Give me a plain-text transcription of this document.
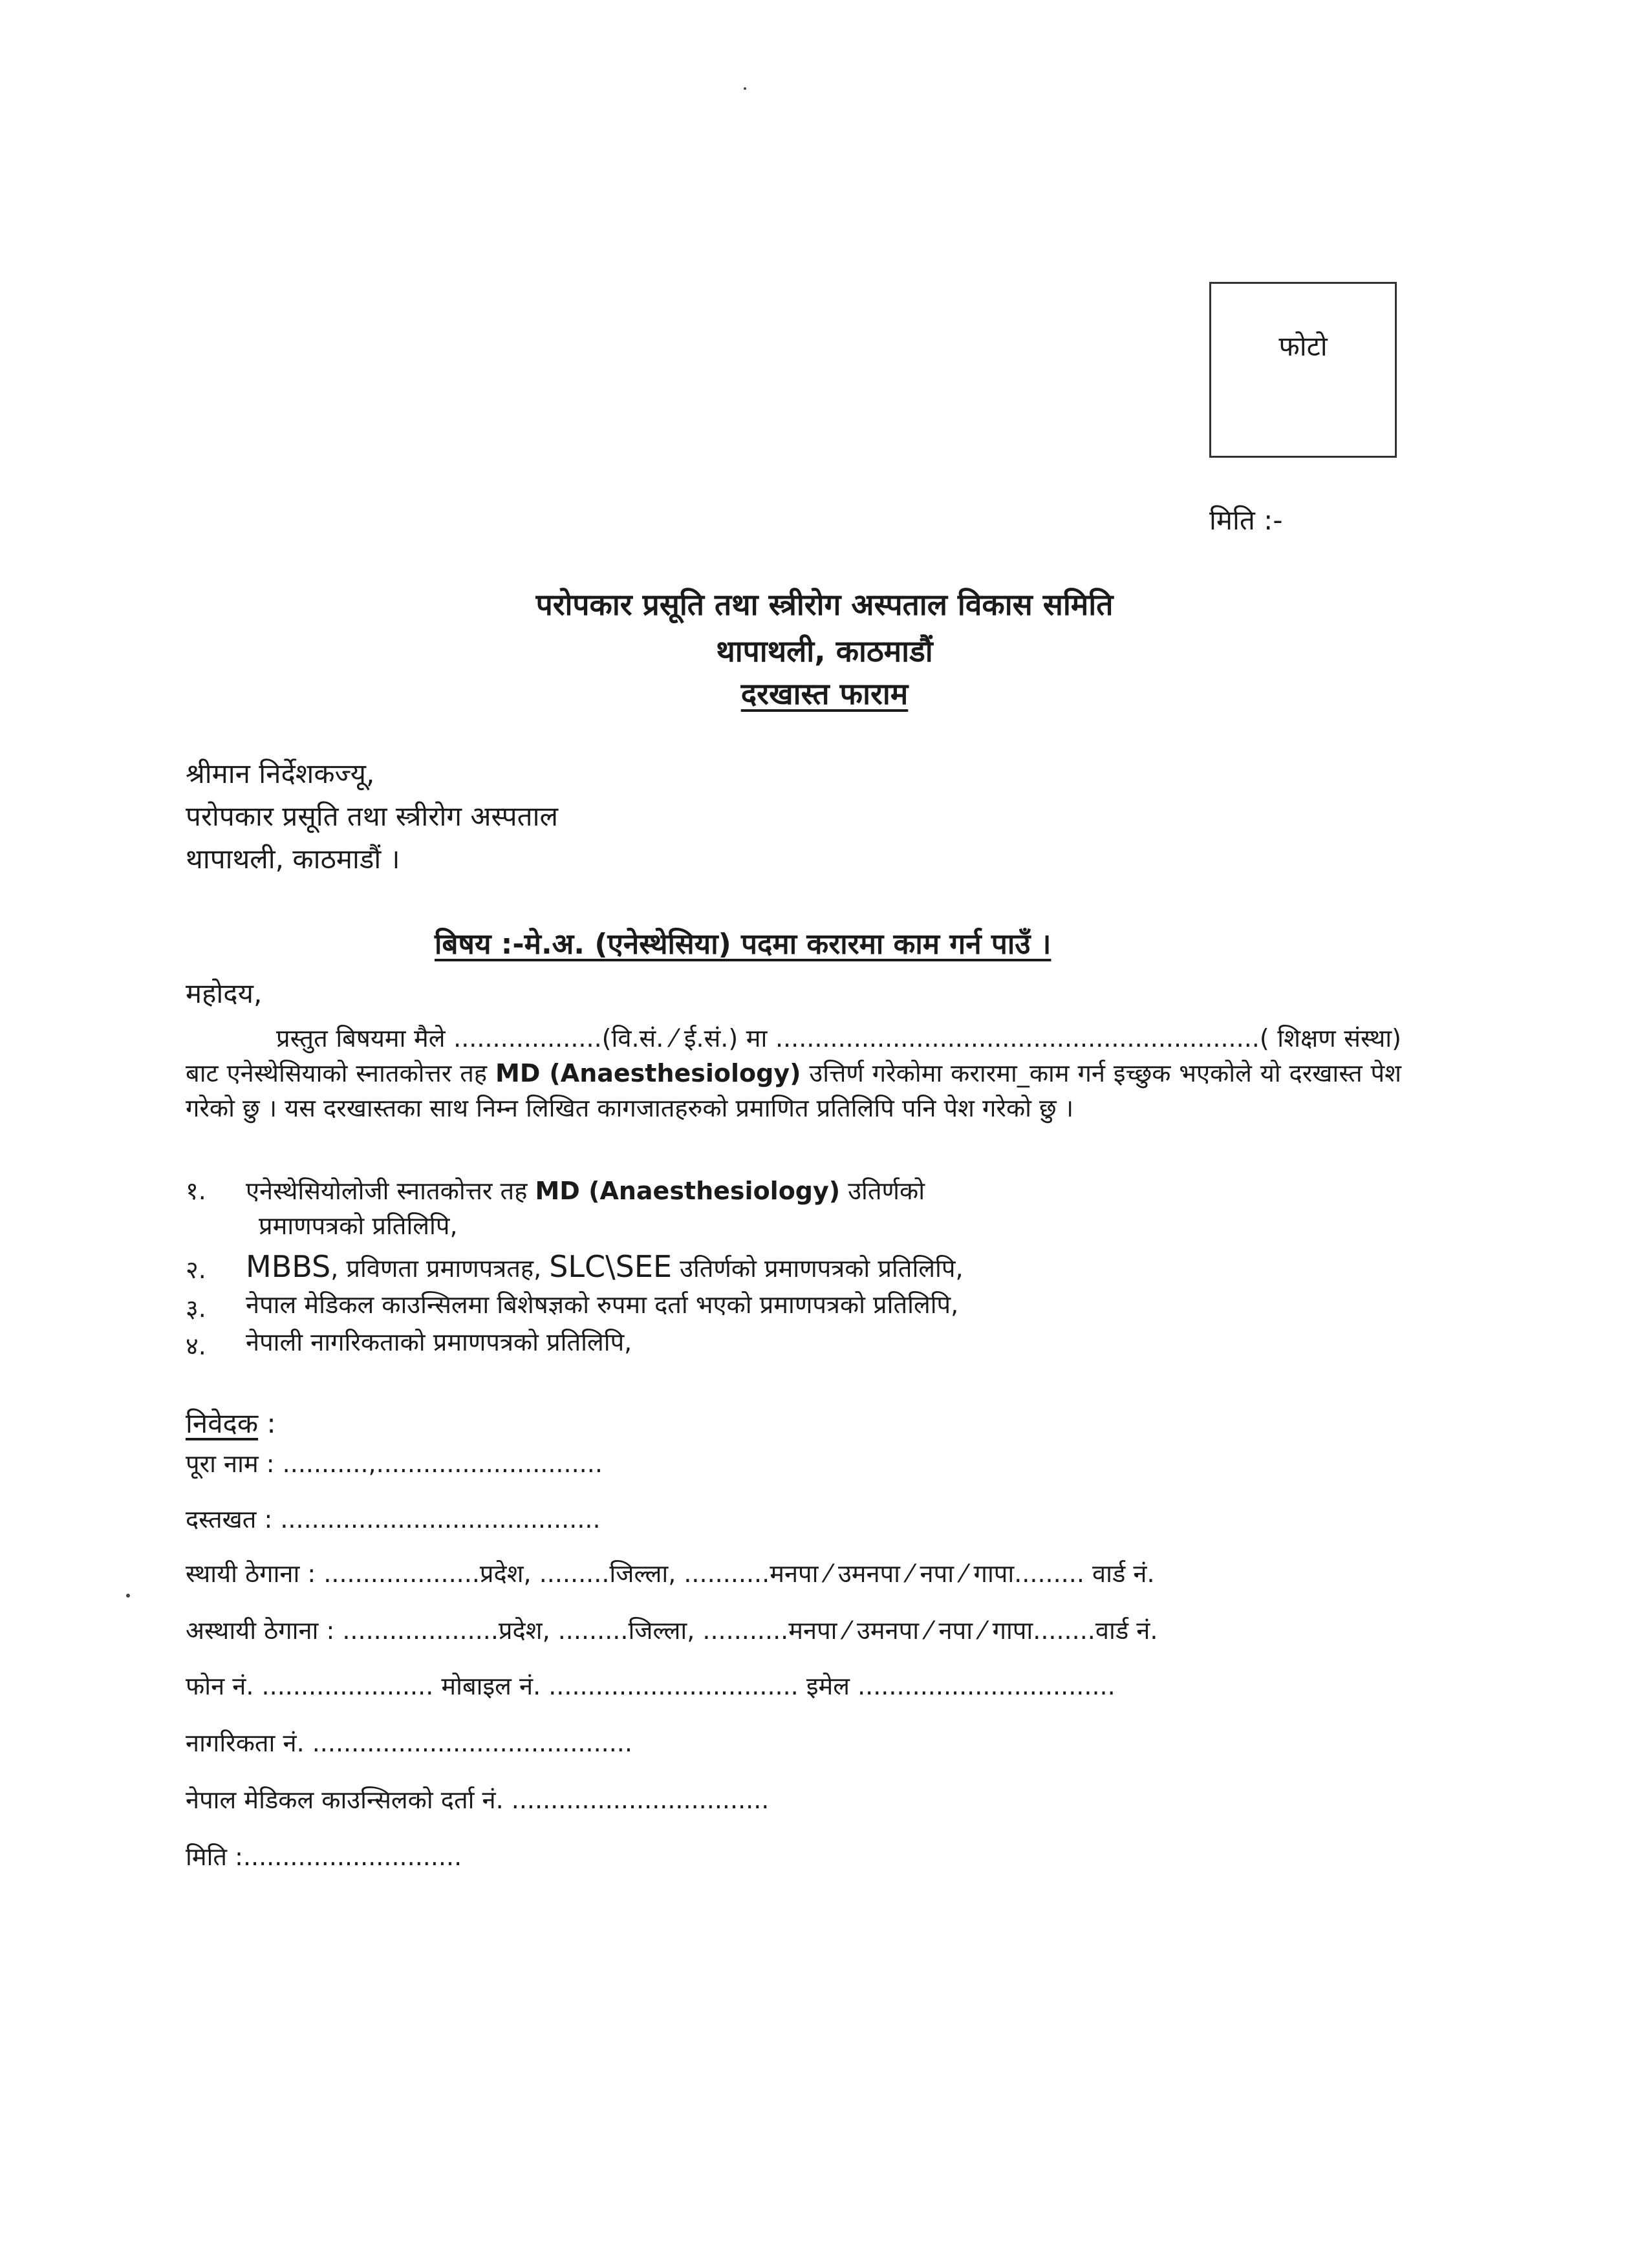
फोटो
मिति :-
परोपकार प्रसूति तथा स्त्रीरोग अस्पताल विकास समिति
थापाथली, काठमाडौं
दरखास्त फाराम
श्रीमान निर्देशकज्यू,
परोपकार प्रसूति तथा स्त्रीरोग अस्पताल
थापाथली, काठमाडौं ।
बिषय :-मे.अ. (एनेस्थेसिया) पदमा करारमा काम गर्न पाउँ ।
महोदय,
प्रस्तुत बिषयमा मैले ...................(वि.सं. ⁄ ई.सं.) मा ..............................................................( शिक्षण संस्था) बाट एनेस्थेसियाको स्नातकोत्तर तह MD (Anaesthesiology) उत्तिर्ण गरेकोमा करारमा_काम गर्न इच्छुक भएकोले यो दरखास्त पेश गरेको छु । यस दरखास्तका साथ निम्न लिखित कागजातहरुको प्रमाणित प्रतिलिपि पनि पेश गरेको छु ।
१. एनेस्थेसियोलोजी स्नातकोत्तर तह MD (Anaesthesiology) उतिर्णको
प्रमाणपत्रको प्रतिलिपि,
२. MBBS, प्रविणता प्रमाणपत्रतह, SLC\SEE उतिर्णको प्रमाणपत्रको प्रतिलिपि,
३. नेपाल मेडिकल काउन्सिलमा बिशेषज्ञको रुपमा दर्ता भएको प्रमाणपत्रको प्रतिलिपि,
४. नेपाली नागरिकताको प्रमाणपत्रको प्रतिलिपि,
निवेदक :
पूरा नाम : ...........,.............................
दस्तखत : .........................................
स्थायी ठेगाना : ....................प्रदेश, .........जिल्ला, ...........मनपा ⁄ उमनपा ⁄ नपा ⁄ गापा......... वार्ड नं.
अस्थायी ठेगाना : ....................प्रदेश, .........जिल्ला, ...........मनपा ⁄ उमनपा ⁄ नपा ⁄ गापा........वार्ड नं.
फोन नं. ...................... मोबाइल नं. ................................ इमेल .................................
नागरिकता नं. .........................................
नेपाल मेडिकल काउन्सिलको दर्ता नं. .................................
मिति :............................
